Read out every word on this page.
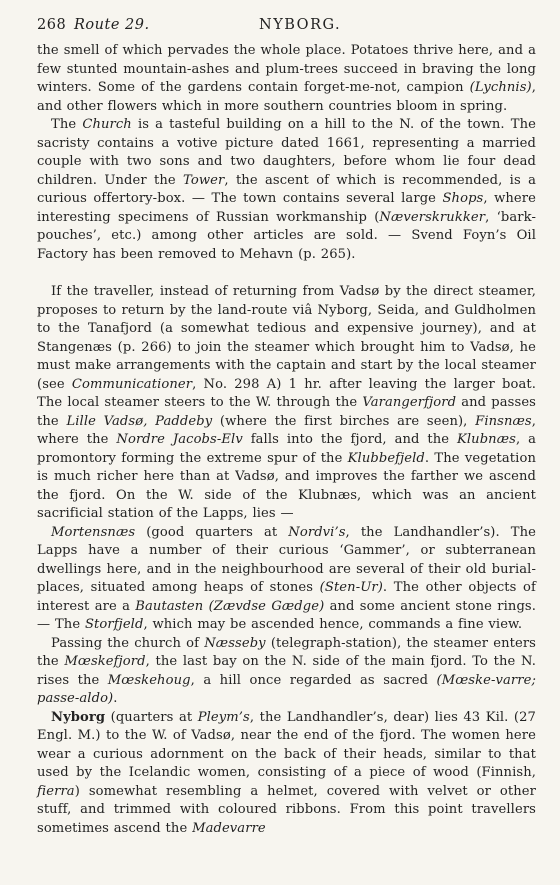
268 Route 29.	NYBORG.

the smell of which pervades the whole place. Potatoes thrive here, and a few stunted mountain-ashes and plum-trees succeed in braving the long winters. Some of the gardens contain forget-me-not, campion (Lychnis), and other flowers which in more southern countries bloom in spring.

The Church is a tasteful building on a hill to the N. of the town. The sacristy contains a votive picture dated 1661, representing a married couple with two sons and two daughters, before whom lie four dead children. Under the Tower, the ascent of which is recommended, is a curious offertory-box. — The town contains several large Shops, where interesting specimens of Russian workmanship (Næverskrukker, ‘bark-pouches’, etc.) among other articles are sold. — Svend Foyn’s Oil Factory has been removed to Mehavn (p. 265).

If the traveller, instead of returning from Vadsø by the direct steamer, proposes to return by the land-route viâ Nyborg, Seida, and Guldholmen to the Tanafjord (a somewhat tedious and expensive journey), and at Stangenæs (p. 266) to join the steamer which brought him to Vadsø, he must make arrangements with the captain and start by the local steamer (see Communicationer, No. 298 A) 1 hr. after leaving the larger boat. The local steamer steers to the W. through the Varangerfjord and passes the Lille Vadsø, Paddeby (where the first birches are seen), Finsnæs, where the Nordre Jacobs-Elv falls into the fjord, and the Klubnæs, a promontory forming the extreme spur of the Klubbefjeld. The vegetation is much richer here than at Vadsø, and improves the farther we ascend the fjord. On the W. side of the Klubnæs, which was an ancient sacrificial station of the Lapps, lies —

Mortensnæs (good quarters at Nordvi’s, the Landhandler’s). The Lapps have a number of their curious ‘Gammer’, or subterranean dwellings here, and in the neighbourhood are several of their old burial-places, situated among heaps of stones (Sten-Ur). The other objects of interest are a Bautasten (Zævdse Gædge) and some ancient stone rings. — The Storfjeld, which may be ascended hence, commands a fine view.

Passing the church of Næsseby (telegraph-station), the steamer enters the Mœskefjord, the last bay on the N. side of the main fjord. To the N. rises the Mœskehoug, a hill once regarded as sacred (Mœske-varre; passe-aldo).

Nyborg (quarters at Pleym’s, the Landhandler’s, dear) lies 43 Kil. (27 Engl. M.) to the W. of Vadsø, near the end of the fjord. The women here wear a curious adornment on the back of their heads, similar to that used by the Icelandic women, consisting of a piece of wood (Finnish, fierra) somewhat resembling a helmet, covered with velvet or other stuff, and trimmed with coloured ribbons. From this point travellers sometimes ascend the Madevarre
